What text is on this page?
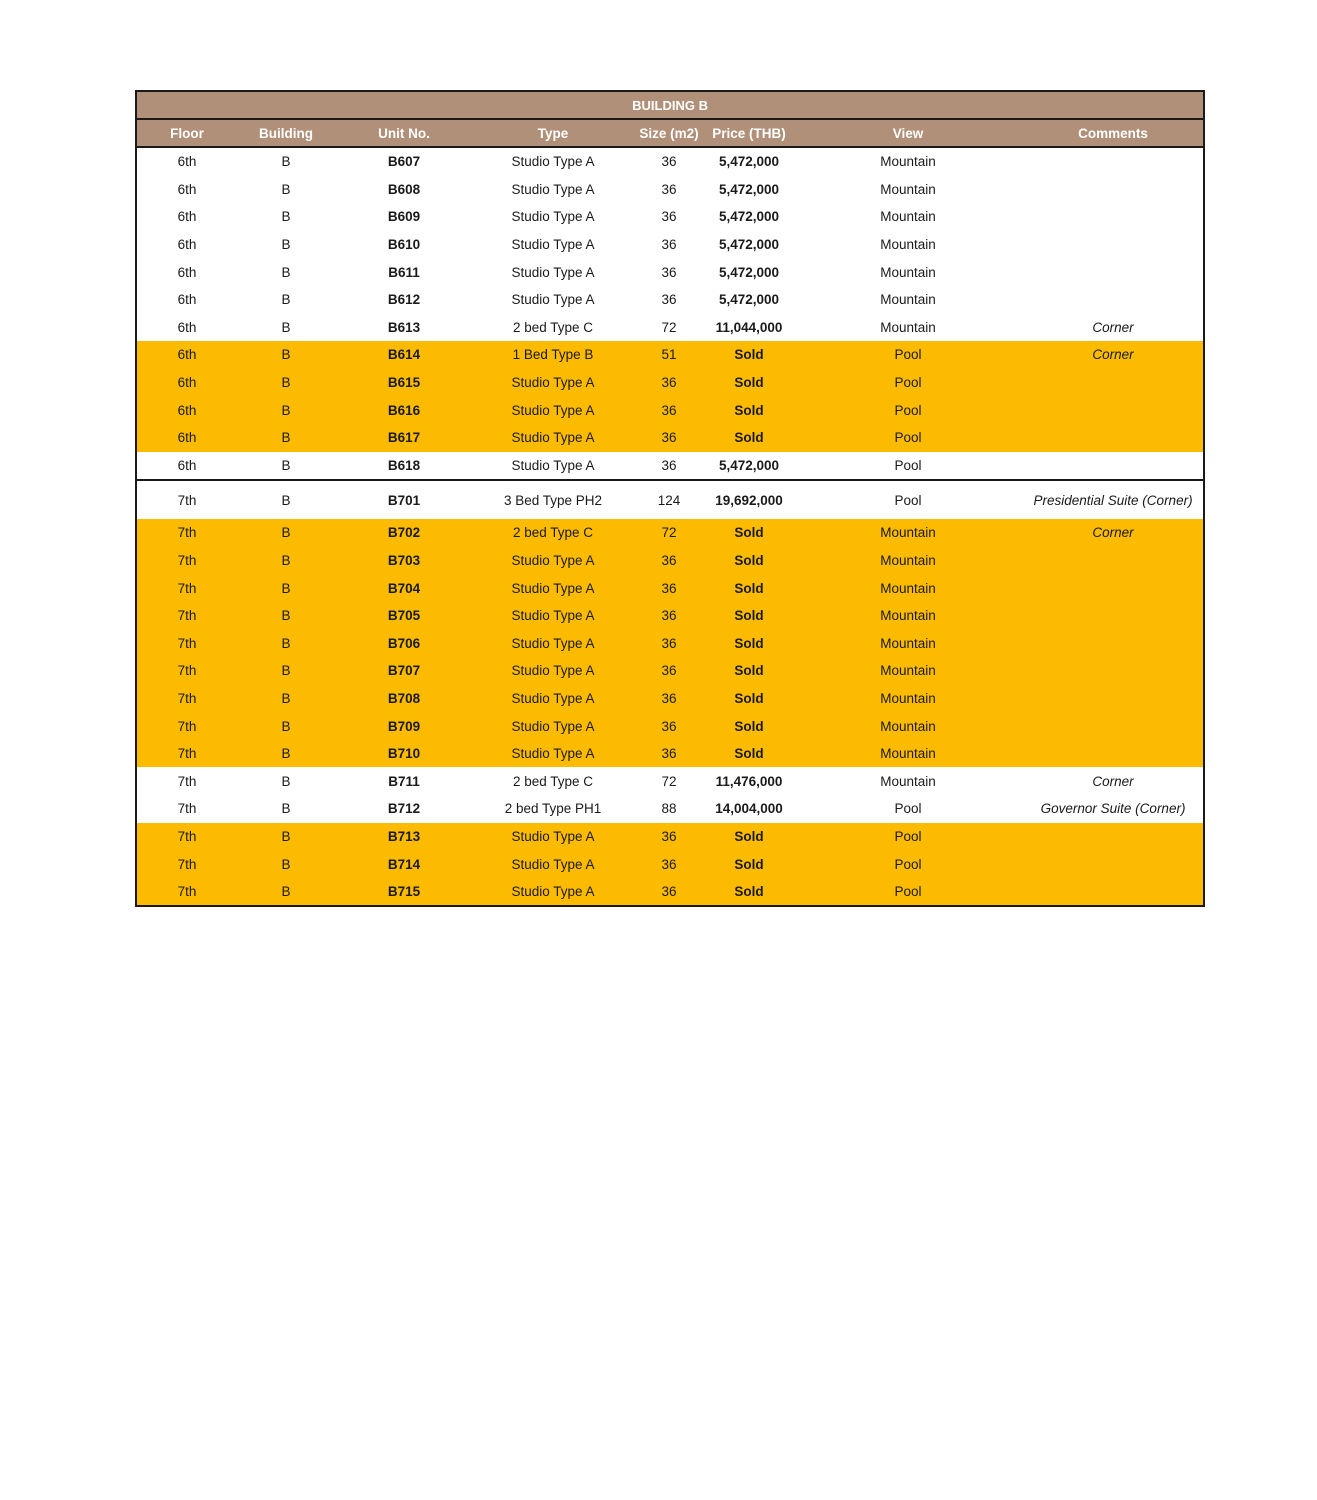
BUILDING B							
Floor	Building	Unit No.	Type	Size (m2)	Price (THB)	View	Comments
6th	B	B607	Studio Type A	36	5,472,000	Mountain	
6th	B	B608	Studio Type A	36	5,472,000	Mountain	
6th	B	B609	Studio Type A	36	5,472,000	Mountain	
6th	B	B610	Studio Type A	36	5,472,000	Mountain	
6th	B	B611	Studio Type A	36	5,472,000	Mountain	
6th	B	B612	Studio Type A	36	5,472,000	Mountain	
6th	B	B613	2 bed Type C	72	11,044,000	Mountain	Corner
6th	B	B614	1 Bed Type B	51	Sold	Pool	Corner
6th	B	B615	Studio Type A	36	Sold	Pool	
6th	B	B616	Studio Type A	36	Sold	Pool	
6th	B	B617	Studio Type A	36	Sold	Pool	
6th	B	B618	Studio Type A	36	5,472,000	Pool	
7th	B	B701	3 Bed Type PH2	124	19,692,000	Pool	Presidential Suite (Corner)
7th	B	B702	2 bed Type C	72	Sold	Mountain	Corner
7th	B	B703	Studio Type A	36	Sold	Mountain	
7th	B	B704	Studio Type A	36	Sold	Mountain	
7th	B	B705	Studio Type A	36	Sold	Mountain	
7th	B	B706	Studio Type A	36	Sold	Mountain	
7th	B	B707	Studio Type A	36	Sold	Mountain	
7th	B	B708	Studio Type A	36	Sold	Mountain	
7th	B	B709	Studio Type A	36	Sold	Mountain	
7th	B	B710	Studio Type A	36	Sold	Mountain	
7th	B	B711	2 bed Type C	72	11,476,000	Mountain	Corner
7th	B	B712	2 bed Type PH1	88	14,004,000	Pool	Governor Suite (Corner)
7th	B	B713	Studio Type A	36	Sold	Pool	
7th	B	B714	Studio Type A	36	Sold	Pool	
7th	B	B715	Studio Type A	36	Sold	Pool	
